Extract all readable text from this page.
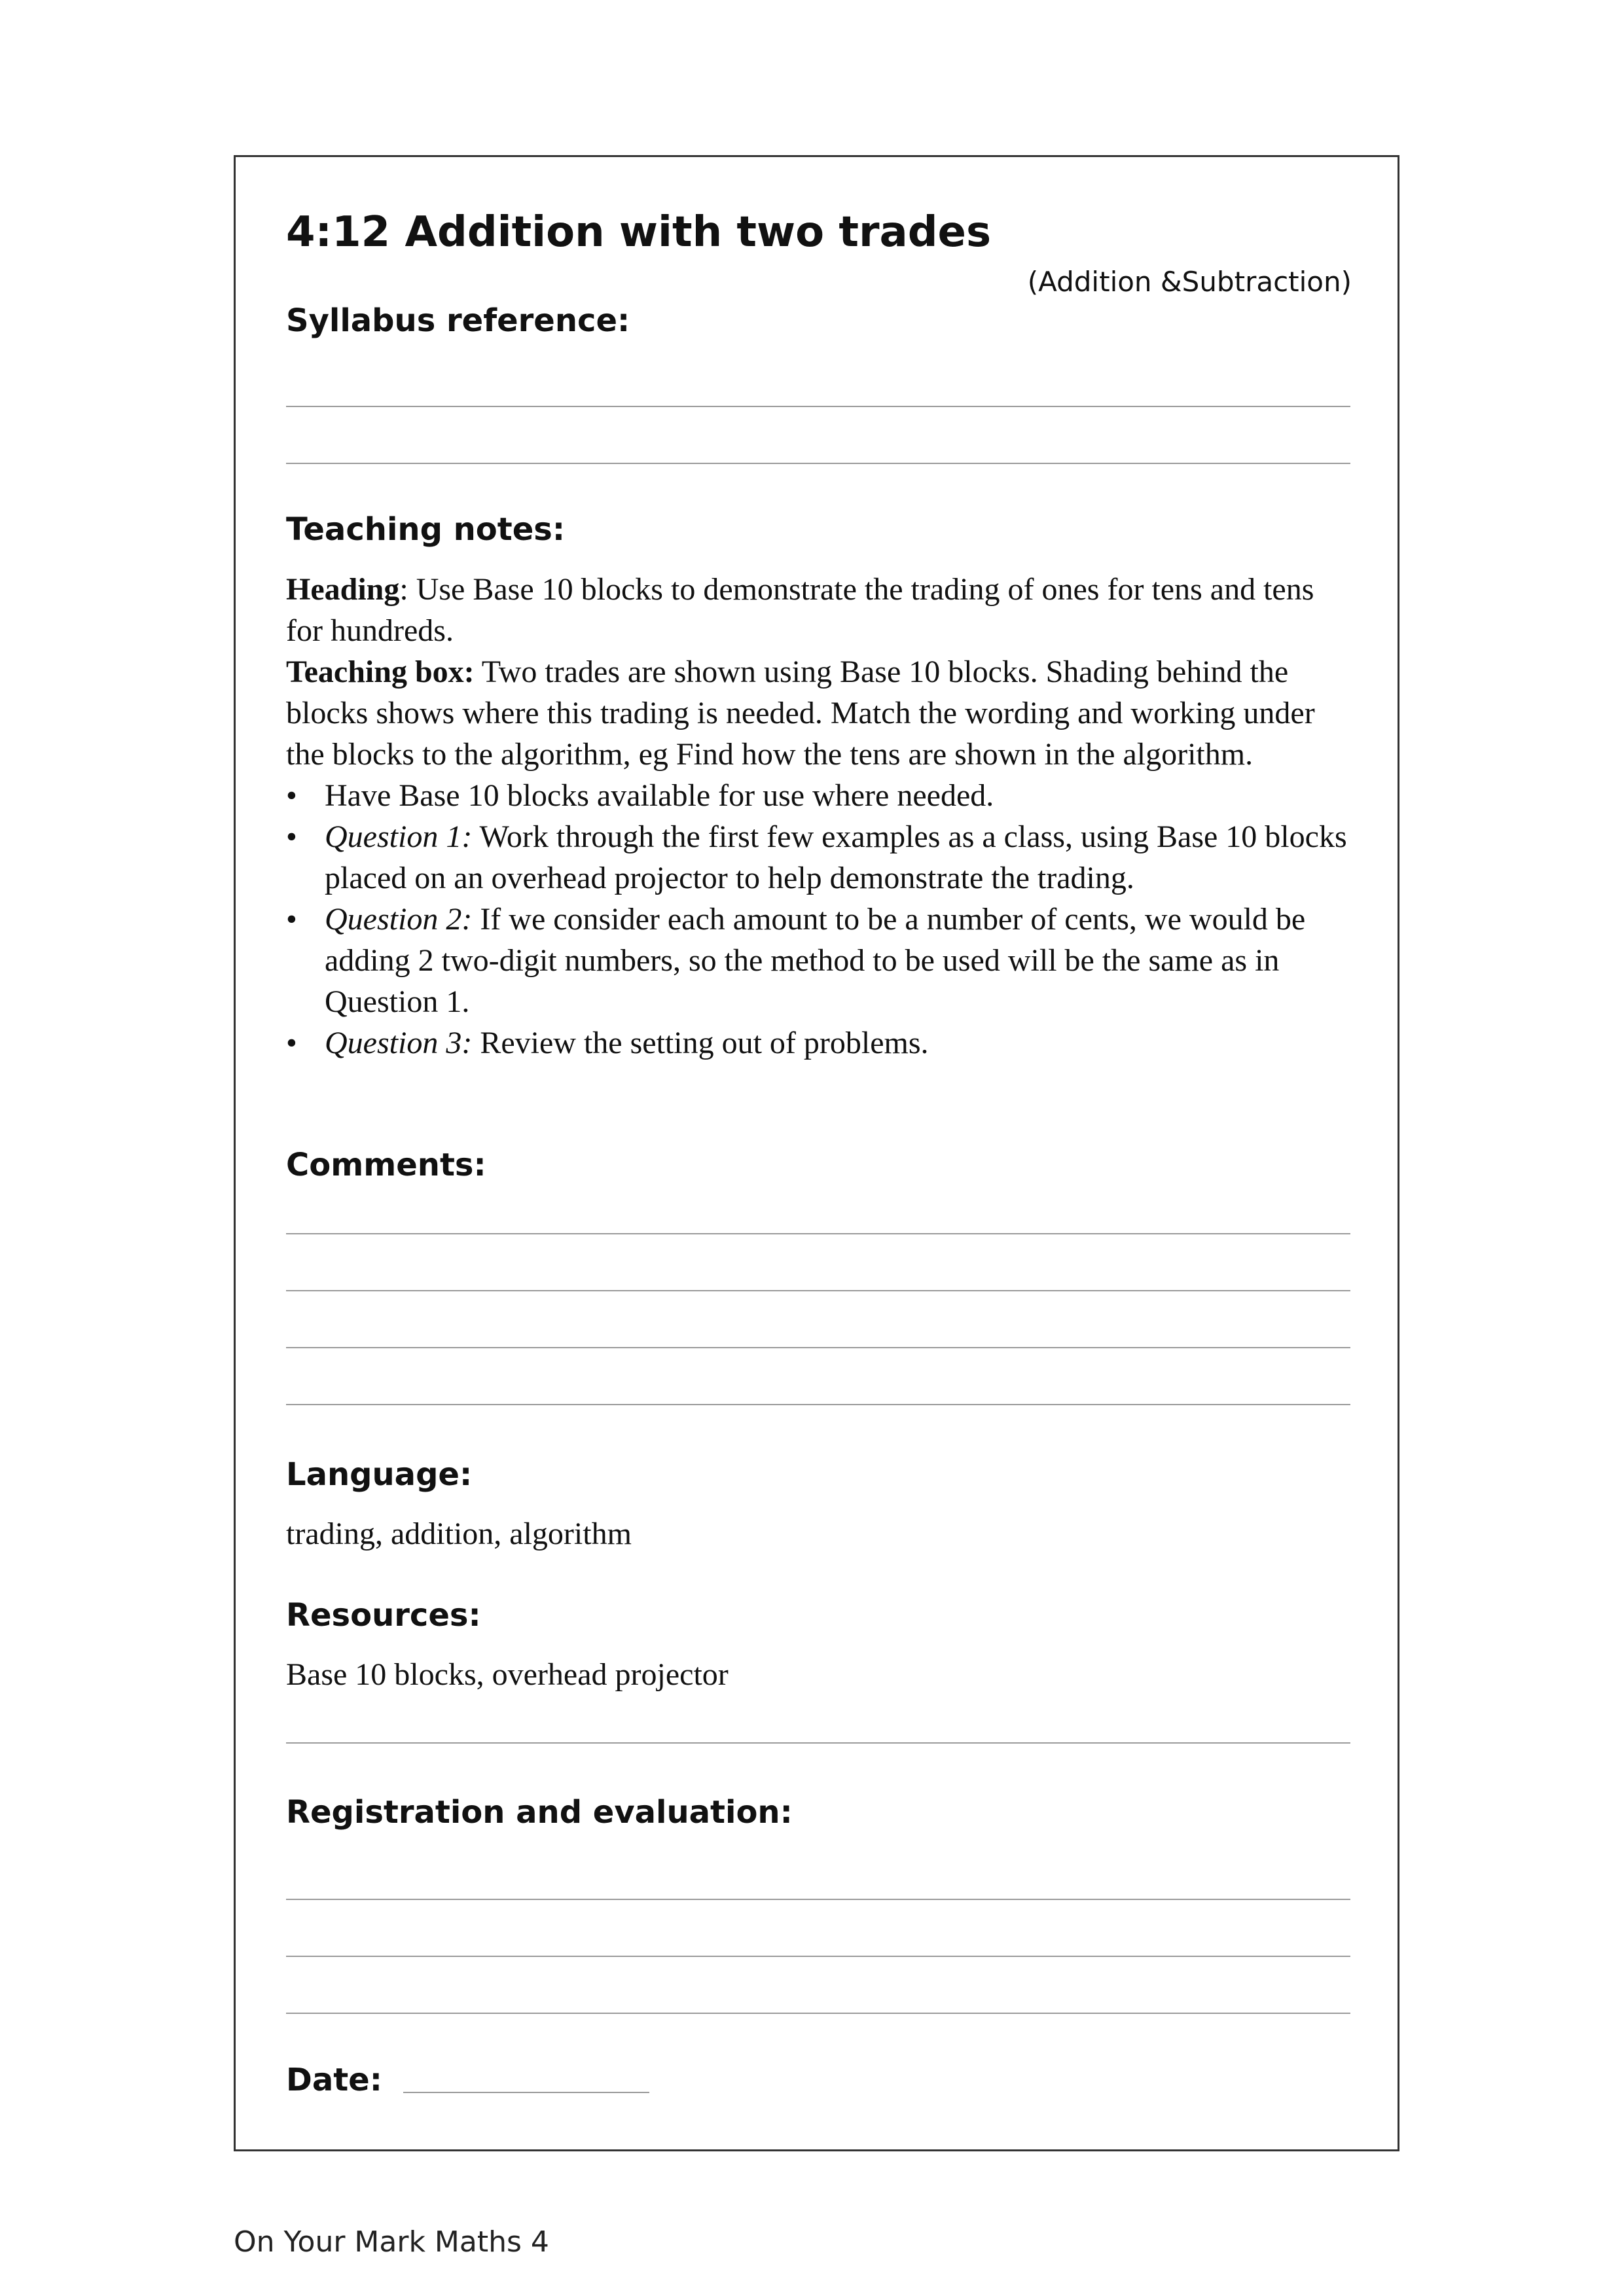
4:12 Addition with two trades
(Addition &Subtraction)
Syllabus reference:
Teaching notes:

Heading: Use Base 10 blocks to demonstrate the trading of ones for tens and tens for hundreds.

Teaching box: Two trades are shown using Base 10 blocks. Shading behind the blocks shows where this trading is needed. Match the wording and working under the blocks to the algorithm, eg Find how the tens are shown in the algorithm.

• Have Base 10 blocks available for use where needed.
• Question 1: Work through the first few examples as a class, using Base 10 blocks placed on an overhead projector to help demonstrate the trading.
• Question 2: If we consider each amount to be a number of cents, we would be adding 2 two-digit numbers, so the method to be used will be the same as in Question 1.
• Question 3: Review the setting out of problems.
Comments:
Language:
trading, addition, algorithm
Resources:
Base 10 blocks, overhead projector
Registration and evaluation:
Date:
On Your Mark Maths 4
